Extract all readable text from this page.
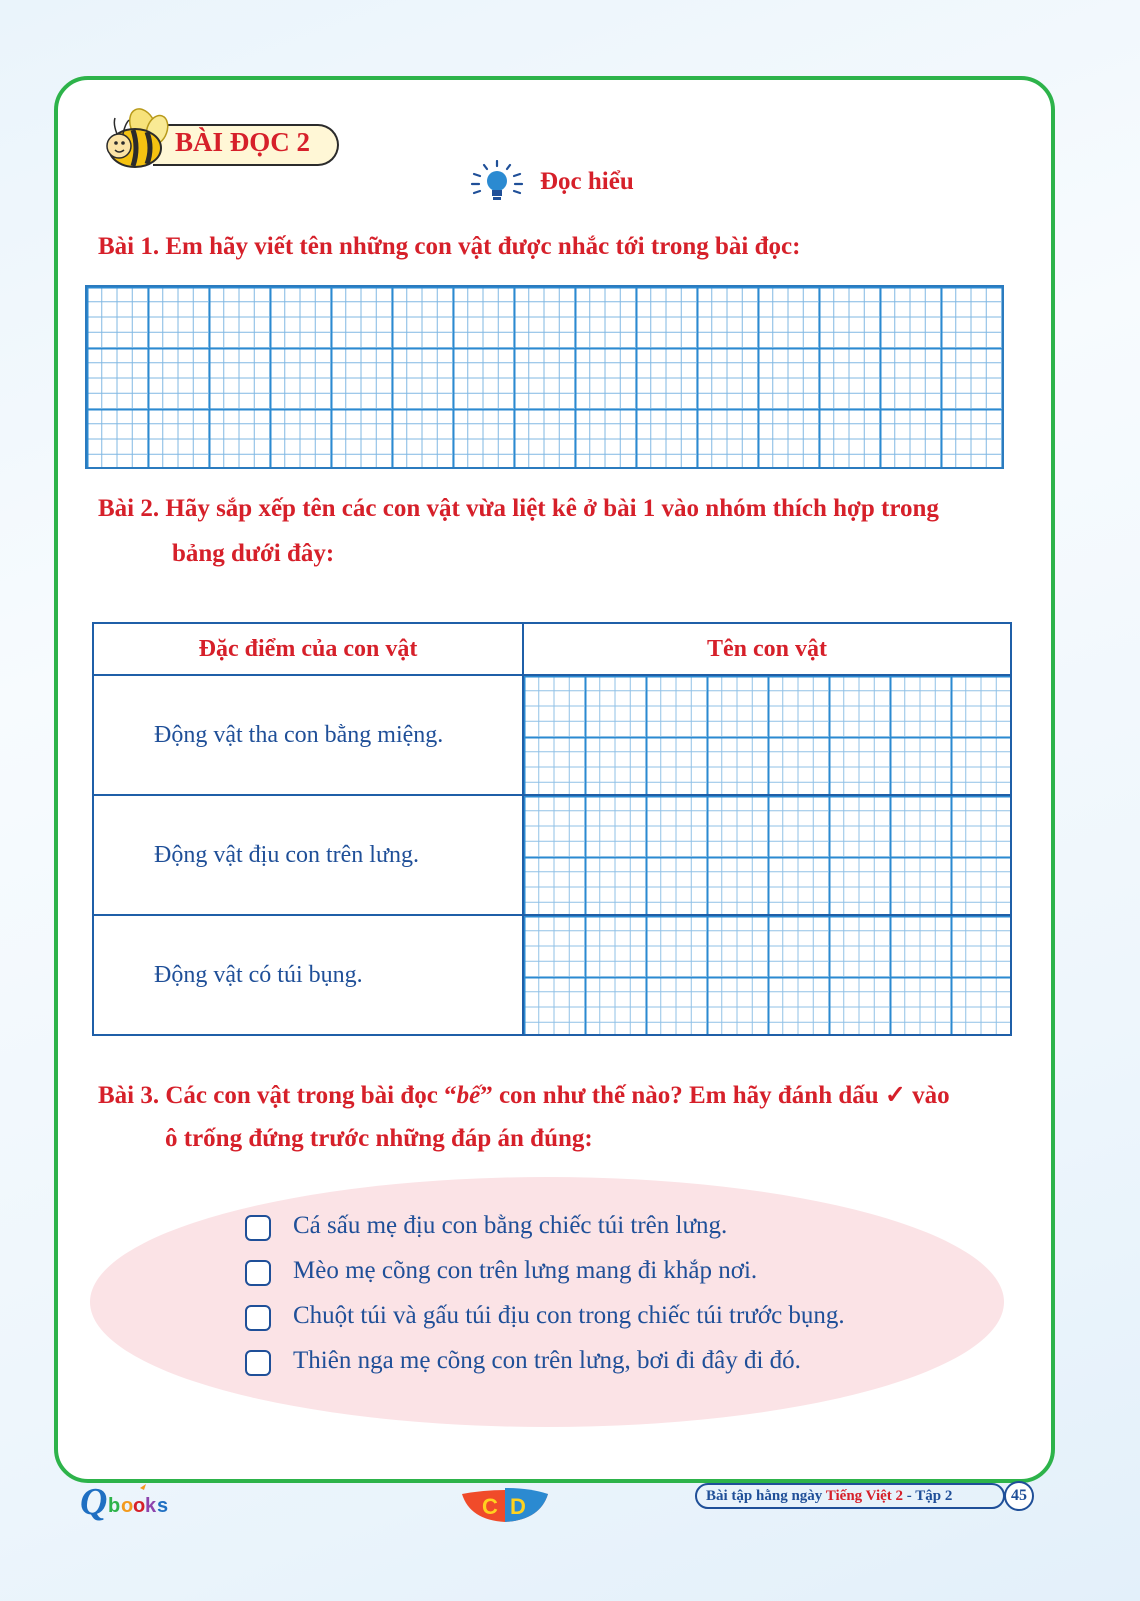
BÀI ĐỌC 2
Đọc hiểu
Bài 1. Em hãy viết tên những con vật được nhắc tới trong bài đọc:
Bài 2. Hãy sắp xếp tên các con vật vừa liệt kê ở bài 1 vào nhóm thích hợp trong
bảng dưới đây:
Đặc điểm của con vật	Tên con vật
Động vật tha con bằng miệng.	

Động vật địu con trên lưng.	

Động vật có túi bụng.	
Bài 3. Các con vật trong bài đọc “bế” con như thế nào? Em hãy đánh dấu ✓ vào
ô trống đứng trước những đáp án đúng:
Cá sấu mẹ địu con bằng chiếc túi trên lưng.
Mèo mẹ cõng con trên lưng mang đi khắp nơi.
Chuột túi và gấu túi địu con trong chiếc túi trước bụng.
Thiên nga mẹ cõng con trên lưng, bơi đi đây đi đó.
Q b o o k s	C D	Bài tập hằng ngày Tiếng Việt 2 - Tập 2	45
